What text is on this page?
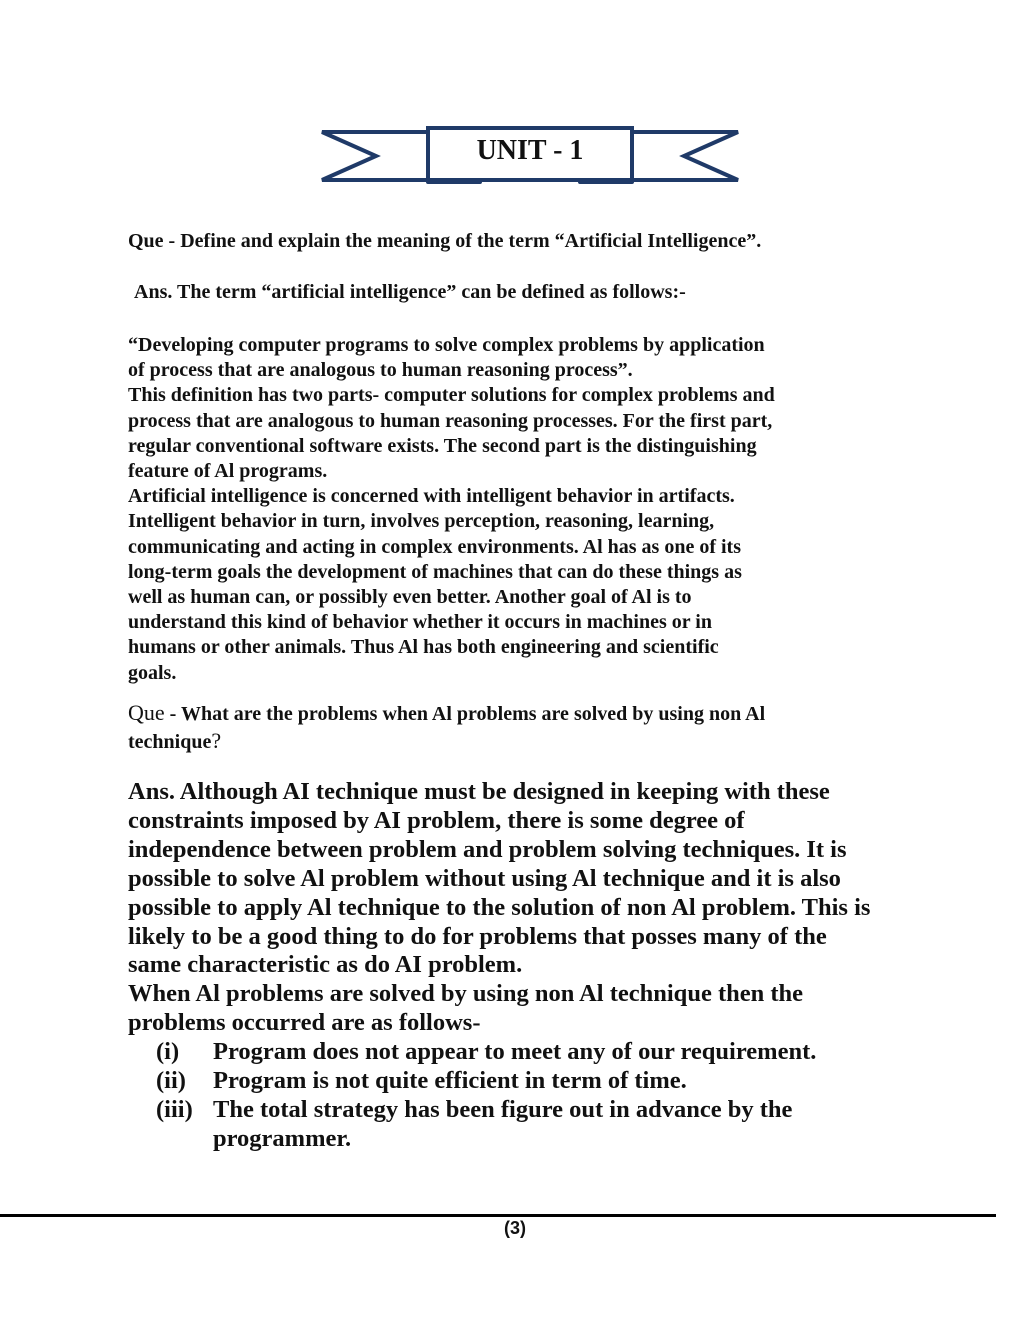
UNIT - 1
Que - Define and explain the meaning of the term “Artificial Intelligence”.
Ans. The term “artificial intelligence” can be defined as follows:-
“Developing computer programs to solve complex problems by application
of process that are analogous to human reasoning process”.
This definition has two parts- computer solutions for complex problems and
process that are analogous to human reasoning processes. For the first part,
regular conventional software exists. The second part is the distinguishing
feature of Al programs.
Artificial intelligence is concerned with intelligent behavior in artifacts.
Intelligent behavior in turn, involves perception, reasoning, learning,
communicating and acting in complex environments. Al has as one of its
long-term goals the development of machines that can do these things as
well as human can, or possibly even better. Another goal of Al is to
understand this kind of behavior whether it occurs in machines or in
humans or other animals. Thus Al has both engineering and scientific
goals.
Que - What are the problems when Al problems are solved by using non Al
technique?
Ans. Although AI technique must be designed in keeping with these
constraints imposed by AI problem, there is some degree of
independence between problem and problem solving techniques. It is
possible to solve Al problem without using Al technique and it is also
possible to apply Al technique to the solution of non Al problem. This is
likely to be a good thing to do for problems that posses many of the
same characteristic as do AI problem.
When Al problems are solved by using non Al technique then the
problems occurred are as follows-
(i)	Program does not appear to meet any of our requirement.
(ii)	Program is not quite efficient in term of time.
(iii) The total strategy has been figure out in advance by the
programmer.
(3)
